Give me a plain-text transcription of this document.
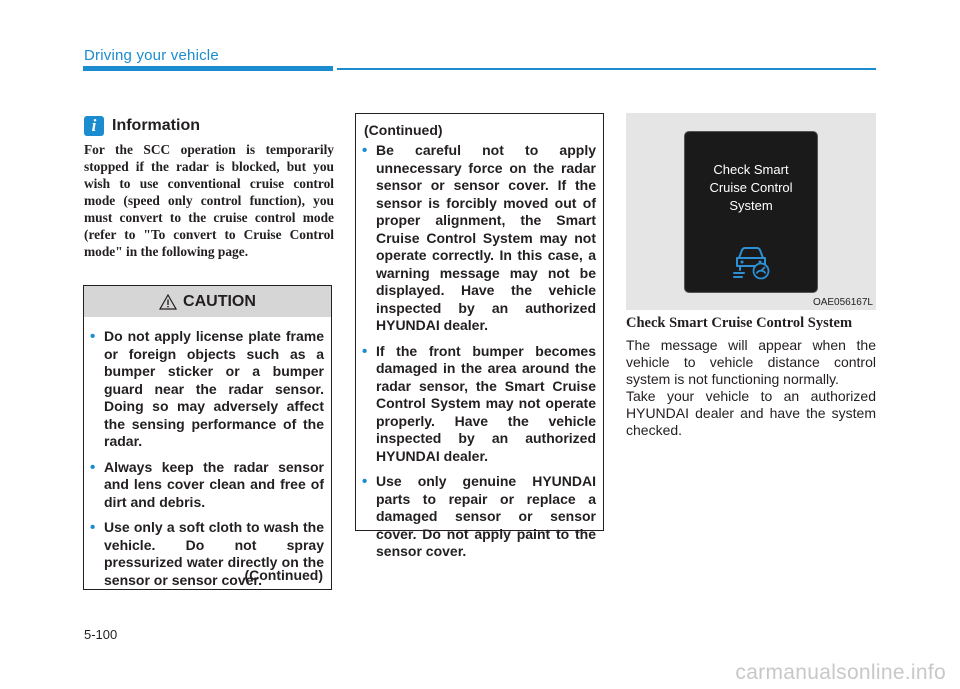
Driving your vehicle
i Information
For the SCC operation is temporarily stopped if the radar is blocked, but you wish to use conventional cruise control mode (speed only control function), you must convert to the cruise control mode (refer to "To convert to Cruise Control mode" in the following page.
CAUTION
• Do not apply license plate frame or foreign objects such as a bumper sticker or a bumper guard near the radar sensor. Doing so may adversely affect the sensing performance of the radar.
• Always keep the radar sensor and lens cover clean and free of dirt and debris.
• Use only a soft cloth to wash the vehicle. Do not spray pressurized water directly on the sensor or sensor cover.
(Continued)
(Continued)
• Be careful not to apply unnecessary force on the radar sensor or sensor cover. If the sensor is forcibly moved out of proper alignment, the Smart Cruise Control System may not operate correctly. In this case, a warning message may not be displayed. Have the vehicle inspected by an authorized HYUNDAI dealer.
• If the front bumper becomes damaged in the area around the radar sensor, the Smart Cruise Control System may not operate properly. Have the vehicle inspected by an authorized HYUNDAI dealer.
• Use only genuine HYUNDAI parts to repair or replace a damaged sensor or sensor cover. Do not apply paint to the sensor cover.
Check Smart
Cruise Control
System
OAE056167L
Check Smart Cruise Control System
The message will appear when the vehicle to vehicle distance control system is not functioning normally.
Take your vehicle to an authorized HYUNDAI dealer and have the system checked.
5-100
carmanualsonline.info
